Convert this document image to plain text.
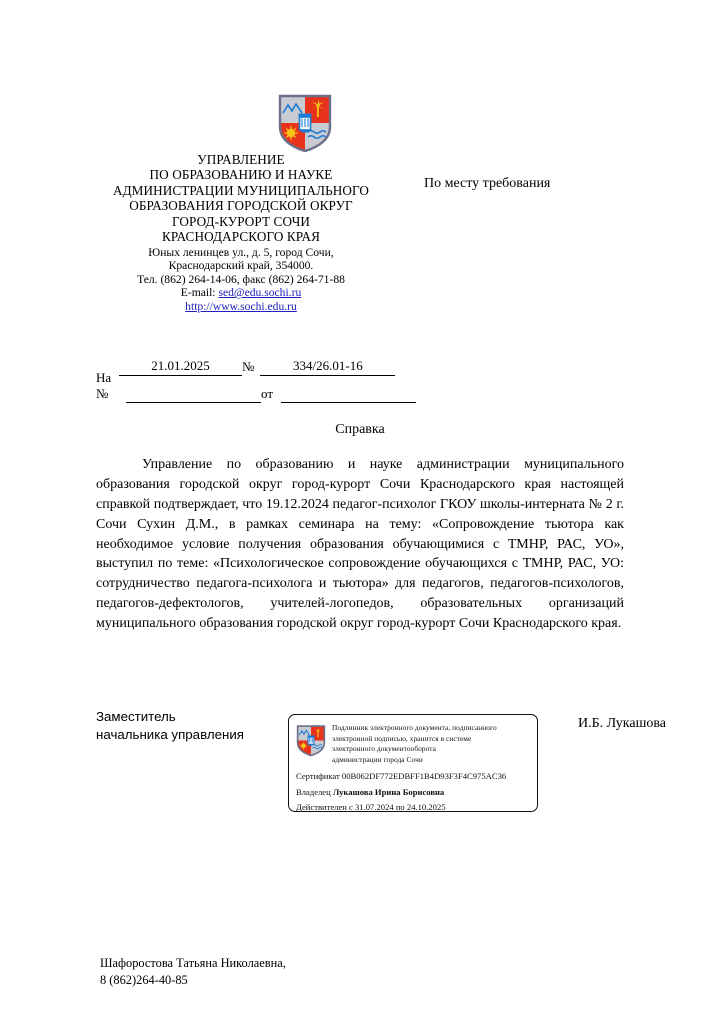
УПРАВЛЕНИЕ
ПО ОБРАЗОВАНИЮ И НАУКЕ
АДМИНИСТРАЦИИ МУНИЦИПАЛЬНОГО
ОБРАЗОВАНИЯ ГОРОДСКОЙ ОКРУГ
ГОРОД-КУРОРТ СОЧИ
КРАСНОДАРСКОГО КРАЯ
Юных ленинцев ул., д. 5, город Сочи,
Краснодарский край, 354000.
Тел. (862) 264-14-06, факс (862) 264-71-88
E-mail: sed@edu.sochi.ru
http://www.sochi.edu.ru
По месту требования
21.01.2025	№	334/26.01-16
На №	от
Справка
Управление по образованию и науке администрации муниципального образования городской округ город-курорт Сочи Краснодарского края настоящей справкой подтверждает, что 19.12.2024 педагог-психолог ГКОУ школы-интерната № 2 г. Сочи Сухин Д.М., в рамках семинара на тему: «Сопровождение тьютора как необходимое условие получения образования обучающимися с ТМНР, РАС, УО», выступил по теме: «Психологическое сопровождение обучающихся с ТМНР, РАС, УО: сотрудничество педагога-психолога и тьютора» для педагогов, педагогов-психологов, педагогов-дефектологов, учителей-логопедов, образовательных организаций муниципального образования городской округ город-курорт Сочи Краснодарского края.
Заместитель
начальника управления
И.Б. Лукашова
Подлинник электронного документа, подписанного
электронной подписью, хранится в системе
электронного документооборота
администрации города Сочи
Сертификат 00B062DF772EDBFF1B4D93F3F4C975AC36
Владелец Лукашова Ирина Борисовна
Действителен с 31.07.2024 по 24.10.2025
Шафоростова Татьяна Николаевна,
8 (862)264-40-85
